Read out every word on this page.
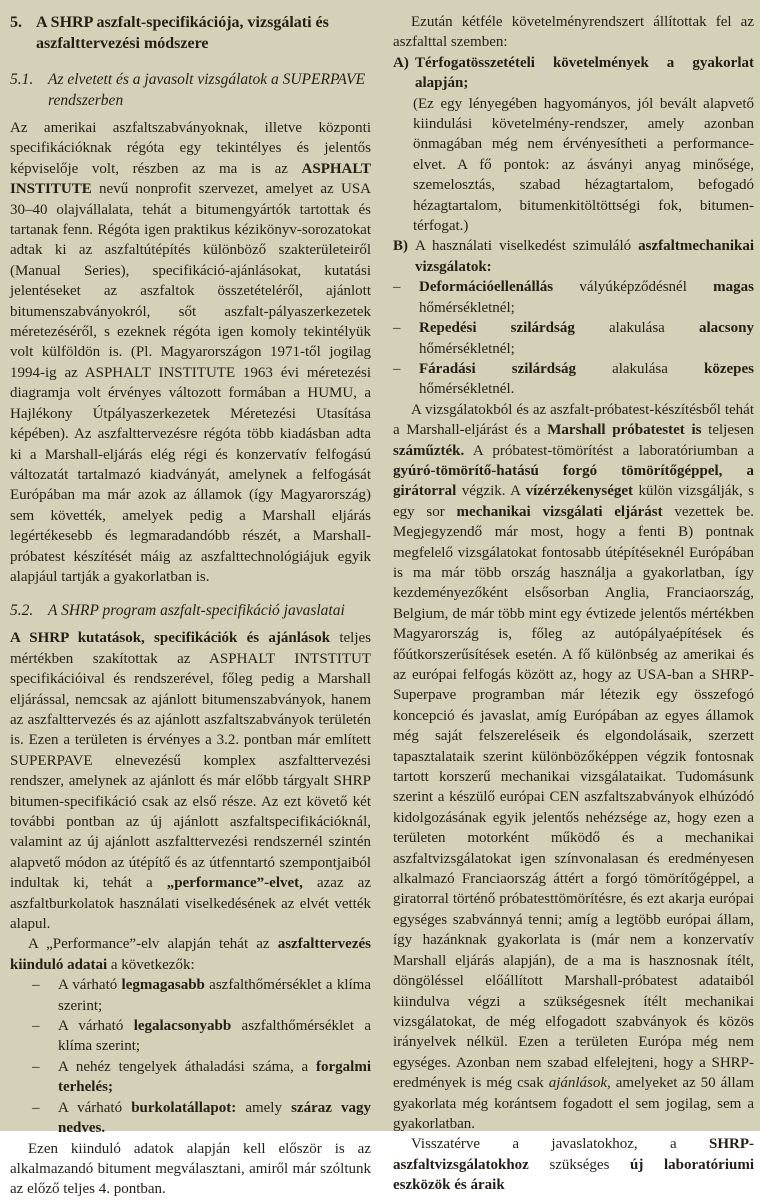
5. A SHRP aszfalt-specifikációja, vizsgálati és aszfalttervezési módszere
5.1. Az elvetett és a javasolt vizsgálatok a SUPERPAVE rendszerben

Az amerikai aszfaltszabványoknak, illetve központi specifikációknak régóta egy tekintélyes és jelentős képviselője volt, részben az ma is az ASPHALT INSTITUTE nevű nonprofit szervezet, amelyet az USA 30–40 olajvállalata, tehát a bitumengyártók tartottak és tartanak fenn. Régóta igen praktikus kézikönyv-sorozatokat adtak ki az aszfaltútépítés különböző szakterületeiről (Manual Series), specifikáció-ajánlásokat, kutatási jelentéseket az aszfaltok összetételéről, ajánlott bitumenszabványokról, sőt aszfalt-pályaszerkezetek méretezéséről, s ezeknek régóta igen komoly tekintélyük volt külföldön is. (Pl. Magyarországon 1971-től jogilag 1994-ig az ASPHALT INSTITUTE 1963 évi méretezési diagramja volt érvényes változott formában a HUMU, a Hajlékony Útpályaszerkezetek Méretezési Utasítása képében). Az aszfalttervezésre régóta több kiadásban adta ki a Marshall-eljárás elég régi és konzervatív felfogású változatát tartalmazó kiadványát, amelynek a felfogását Európában ma már azok az államok (így Magyarország) sem követték, amelyek pedig a Marshall eljárás legértékesebb és legmaradandóbb részét, a Marshall-próbatest készítését máig az aszfalttechnológiájuk egyik alapjául tartják a gyakorlatban is.

5.2. A SHRP program aszfalt-specifikáció javaslatai

A SHRP kutatások, specifikációk és ajánlások teljes mértékben szakítottak az ASPHALT INTSTITUT specifikációival és rendszerével, főleg pedig a Marshall eljárással, nemcsak az ajánlott bitumenszabványok, hanem az aszfalttervezés és az ajánlott aszfaltszabványok területén is. Ezen a területen is érvényes a 3.2. pontban már említett SUPERPAVE elnevezésű komplex aszfalttervezési rendszer, amelynek az ajánlott és már előbb tárgyalt SHRP bitumen-specifikáció csak az első része. Az ezt követő két további pontban az új ajánlott aszfaltspecifikációknál, valamint az új ajánlott aszfalttervezési rendszernél szintén alapvető módon az útépítő és az útfenntartó szempontjaiból indultak ki, tehát a „performance”-elvet, azaz az aszfaltburkolatok használati viselkedésének az elvét vették alapul.

A „Performance”-elv alapján tehát az aszfalttervezés kiinduló adatai a következők:

– A várható legmagasabb aszfalthőmérséklet a klíma szerint;
– A várható legalacsonyabb aszfalthőmérséklet a klíma szerint;
– A nehéz tengelyek áthaladási száma, a forgalmi terhelés;
– A várható burkolatállapot: amely száraz vagy nedves.

Ezen kiinduló adatok alapján kell először is az alkalmazandó bitument megválasztani, amiről már szóltunk az előző teljes 4. pontban.

Ezután kétféle követelményrendszert állítottak fel az aszfalttal szemben:

A) Térfogatösszetételi követelmények a gyakorlat alapján;

(Ez egy lényegében hagyományos, jól bevált alapvető kiindulási követelmény-rendszer, amely azonban önmagában még nem érvényesítheti a performance-elvet. A fő pontok: az ásványi anyag minősége, szemelosztás, szabad hézagtartalom, befogadó hézagtartalom, bitumenkitöltöttségi fok, bitumen-térfogat.)

B) A használati viselkedést szimuláló aszfaltmechanikai vizsgálatok:
– Deformációellenállás vályúképződésnél magas hőmérsékletnél;
– Repedési szilárdság alakulása alacsony hőmérsékletnél;
– Fáradási szilárdság alakulása közepes hőmérsékletnél.

A vizsgálatokból és az aszfalt-próbatest-készítésből tehát a Marshall-eljárást és a Marshall próbatestet is teljesen száműzték. A próbatest-tömörítést a laboratóriumban a gyúró-tömörítő-hatású forgó tömörítőgéppel, a girátorral végzik. A vízérzékenységet külön vizsgálják, s egy sor mechanikai vizsgálati eljárást vezettek be. Megjegyzendő már most, hogy a fenti B) pontnak megfelelő vizsgálatokat fontosabb útépítéseknél Európában is ma már több ország használja a gyakorlatban, így kezdeményezőként elsősorban Anglia, Franciaország, Belgium, de már több mint egy évtizede jelentős mértékben Magyarország is, főleg az autópályaépítések és főútkorszerűsítések esetén. A fő különbség az amerikai és az európai felfogás között az, hogy az USA-ban a SHRP-Superpave programban már létezik egy összefogó koncepció és javaslat, amíg Európában az egyes államok még saját felszereléseik és elgondolásaik, szerzett tapasztalataik szerint különbözőképpen végzik fontosnak tartott korszerű mechanikai vizsgálataikat. Tudomásunk szerint a készülő európai CEN aszfaltszabványok elhúzódó kidolgozásának egyik jelentős nehézsége az, hogy ezen a területen motorként működő és a mechanikai aszfaltvizsgálatokat igen színvonalasan és eredményesen alkalmazó Franciaország áttért a forgó tömörítőgéppel, a giratorral történő próbatesttömörítésre, és ezt akarja európai egységes szabvánnyá tenni; amíg a legtöbb európai állam, így hazánknak gyakorlata is (már nem a konzervatív Marshall eljárás alapján), de a ma is hasznosnak ítélt, döngöléssel előállított Marshall-próbatest adataiból kiindulva végzi a szükségesnek ítélt mechanikai vizsgálatokat, de még elfogadott szabványok és közös irányelvek nélkül. Ezen a területen Európa még nem egységes. Azonban nem szabad elfelejteni, hogy a SHRP-eredmények is még csak ajánlások, amelyeket az 50 állam gyakorlata még korántsem fogadott el sem jogilag, sem a gyakorlatban.

Visszatérve a javaslatokhoz, a SHRP-aszfaltvizsgálatokhoz szükséges új laboratóriumi eszközök és áraik
